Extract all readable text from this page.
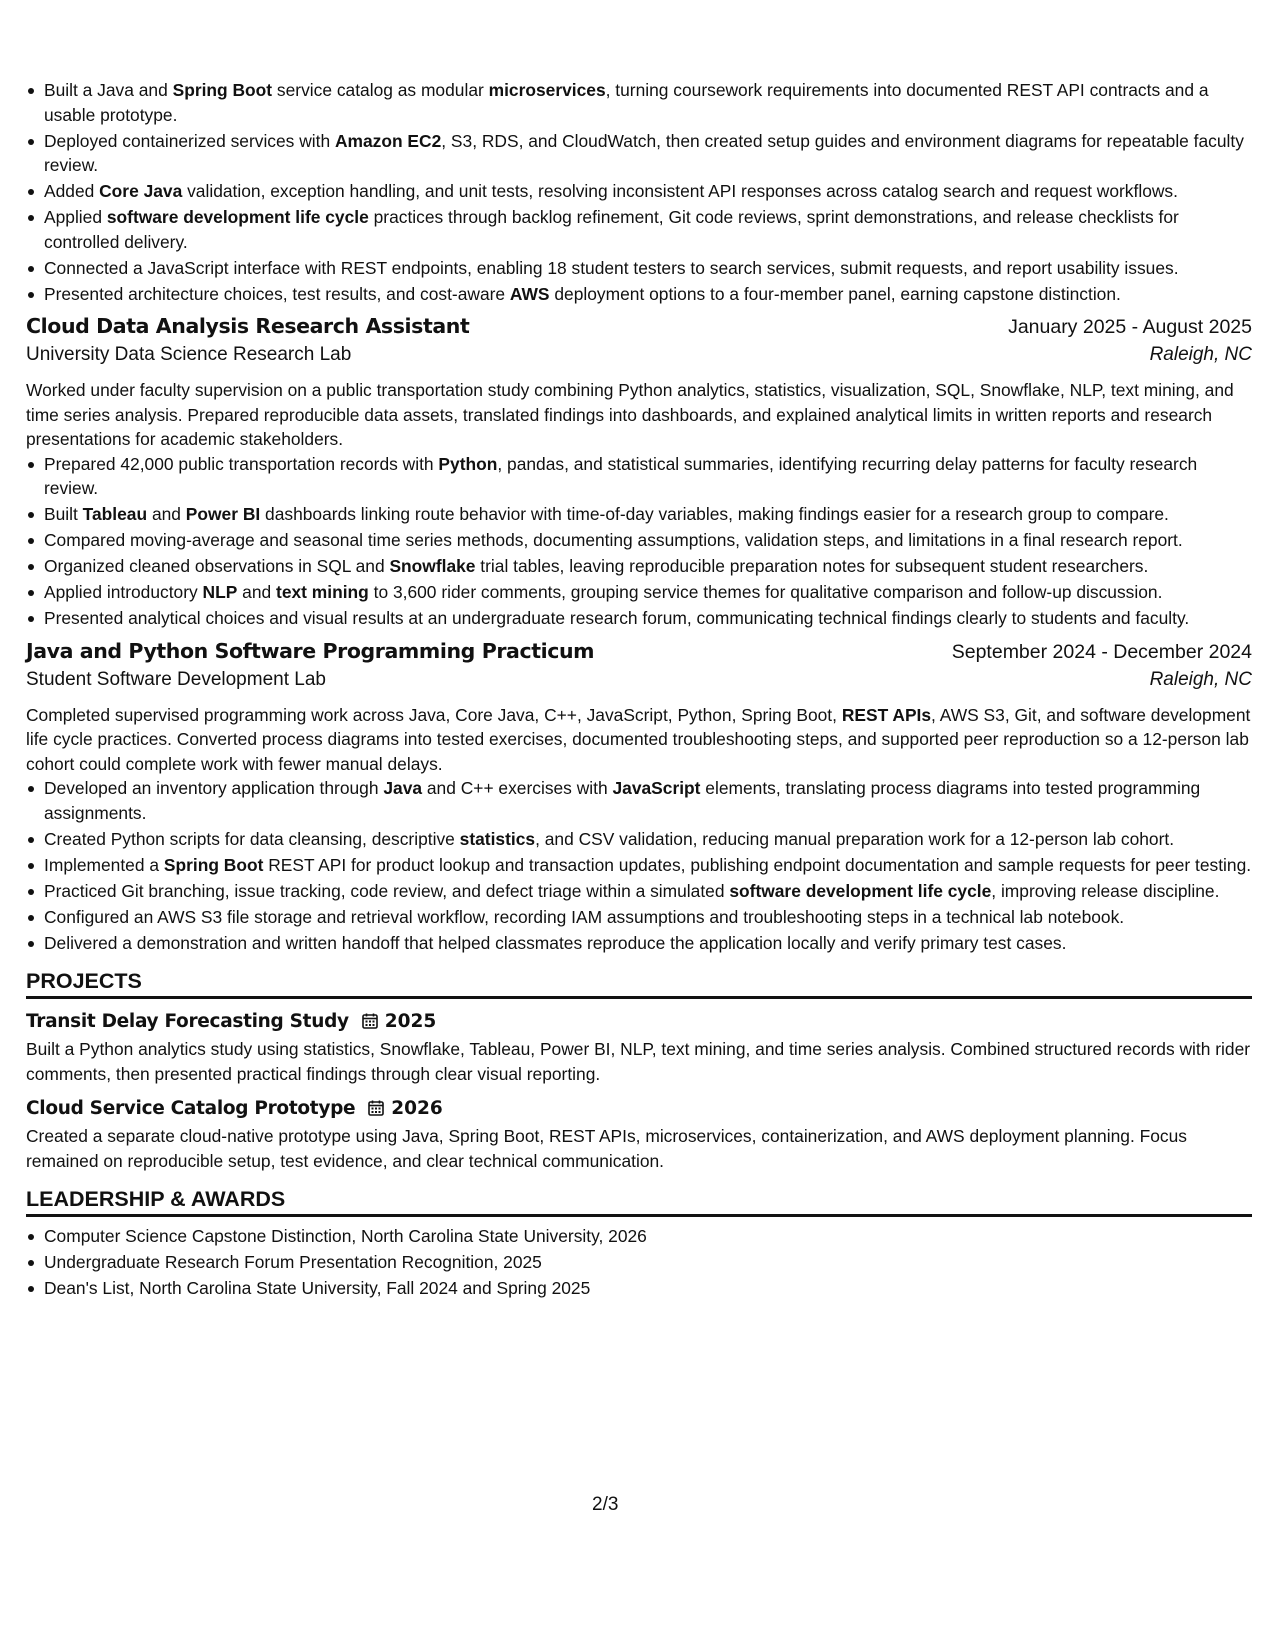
Built a Java and Spring Boot service catalog as modular microservices, turning coursework requirements into documented REST API contracts and a usable prototype.
Deployed containerized services with Amazon EC2, S3, RDS, and CloudWatch, then created setup guides and environment diagrams for repeatable faculty review.
Added Core Java validation, exception handling, and unit tests, resolving inconsistent API responses across catalog search and request workflows.
Applied software development life cycle practices through backlog refinement, Git code reviews, sprint demonstrations, and release checklists for controlled delivery.
Connected a JavaScript interface with REST endpoints, enabling 18 student testers to search services, submit requests, and report usability issues.
Presented architecture choices, test results, and cost-aware AWS deployment options to a four-member panel, earning capstone distinction.
Cloud Data Analysis Research Assistant	January 2025 - August 2025
University Data Science Research Lab	Raleigh, NC

Worked under faculty supervision on a public transportation study combining Python analytics, statistics, visualization, SQL, Snowflake, NLP, text mining, and time series analysis. Prepared reproducible data assets, translated findings into dashboards, and explained analytical limits in written reports and research presentations for academic stakeholders.

Prepared 42,000 public transportation records with Python, pandas, and statistical summaries, identifying recurring delay patterns for faculty research review.
Built Tableau and Power BI dashboards linking route behavior with time-of-day variables, making findings easier for a research group to compare.
Compared moving-average and seasonal time series methods, documenting assumptions, validation steps, and limitations in a final research report.
Organized cleaned observations in SQL and Snowflake trial tables, leaving reproducible preparation notes for subsequent student researchers.
Applied introductory NLP and text mining to 3,600 rider comments, grouping service themes for qualitative comparison and follow-up discussion.
Presented analytical choices and visual results at an undergraduate research forum, communicating technical findings clearly to students and faculty.
Java and Python Software Programming Practicum	September 2024 - December 2024
Student Software Development Lab	Raleigh, NC

Completed supervised programming work across Java, Core Java, C++, JavaScript, Python, Spring Boot, REST APIs, AWS S3, Git, and software development life cycle practices. Converted process diagrams into tested exercises, documented troubleshooting steps, and supported peer reproduction so a 12-person lab cohort could complete work with fewer manual delays.

Developed an inventory application through Java and C++ exercises with JavaScript elements, translating process diagrams into tested programming assignments.
Created Python scripts for data cleansing, descriptive statistics, and CSV validation, reducing manual preparation work for a 12-person lab cohort.
Implemented a Spring Boot REST API for product lookup and transaction updates, publishing endpoint documentation and sample requests for peer testing.
Practiced Git branching, issue tracking, code review, and defect triage within a simulated software development life cycle, improving release discipline.
Configured an AWS S3 file storage and retrieval workflow, recording IAM assumptions and troubleshooting steps in a technical lab notebook.
Delivered a demonstration and written handoff that helped classmates reproduce the application locally and verify primary test cases.
PROJECTS
Transit Delay Forecasting Study 2025

Built a Python analytics study using statistics, Snowflake, Tableau, Power BI, NLP, text mining, and time series analysis. Combined structured records with rider comments, then presented practical findings through clear visual reporting.

Cloud Service Catalog Prototype 2026

Created a separate cloud-native prototype using Java, Spring Boot, REST APIs, microservices, containerization, and AWS deployment planning. Focus remained on reproducible setup, test evidence, and clear technical communication.

LEADERSHIP & AWARDS
Computer Science Capstone Distinction, North Carolina State University, 2026
Undergraduate Research Forum Presentation Recognition, 2025
Dean's List, North Carolina State University, Fall 2024 and Spring 2025
2/3
